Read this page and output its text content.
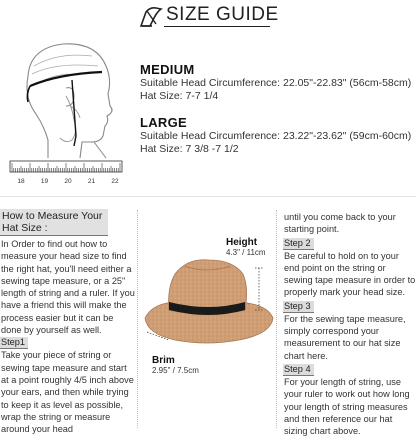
SIZE GUIDE
18	19	20	21	22
MEDIUM
Suitable Head Circumference: 22.05"-22.83" (56cm-58cm)
Hat Size: 7-7 1/4
LARGE
Suitable Head Circumference: 23.22"-23.62" (59cm-60cm)
Hat Size: 7 3/8 -7 1/2
How to Measure Your
Hat Size :

In Order to find out how to measure your head size to find the right hat, you'll need either a sewing tape measure, or a 25" length of string and a ruler. If you have a friend this will make the process easier but it can be done by yourself as well.

Step1

Take your piece of string or sewing tape measure and start at a point roughly 4/5 inch above your ears, and then while trying to keep it as level as possible, wrap the string or measure around your head

Height
4.3" / 11cm
Brim
2.95" / 7.5cm

until you come back to your starting point.

Step 2

Be careful to hold on to your end point on the string or sewing tape measure in order to properly mark your head size.

Step 3

For the sewing tape measure, simply correspond your measurement to our hat size chart here.

Step 4

For your length of string, use your ruler to work out how long your length of string measures and then reference our hat sizing chart above.
